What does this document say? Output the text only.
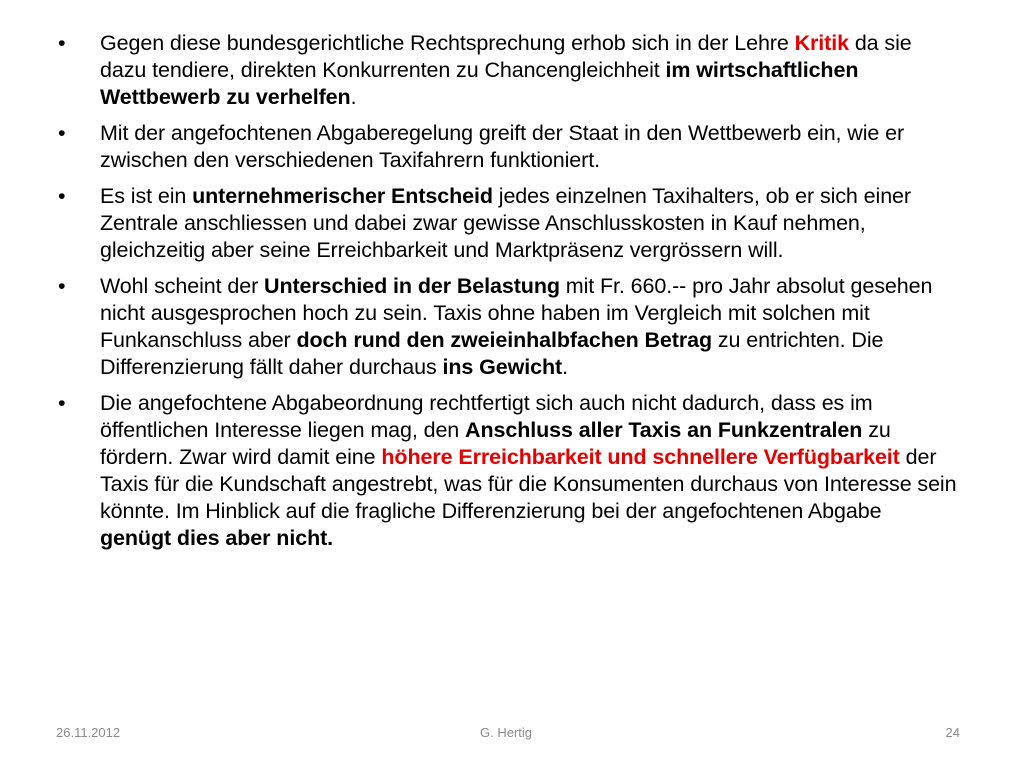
• Gegen diese bundesgerichtliche Rechtsprechung erhob sich in der Lehre Kritik da sie dazu tendiere, direkten Konkurrenten zu Chancengleichheit im wirtschaftlichen Wettbewerb zu verhelfen.
• Mit der angefochtenen Abgaberegelung greift der Staat in den Wettbewerb ein, wie er zwischen den verschiedenen Taxifahrern funktioniert.
• Es ist ein unternehmerischer Entscheid jedes einzelnen Taxihalters, ob er sich einer Zentrale anschliessen und dabei zwar gewisse Anschlusskosten in Kauf nehmen, gleichzeitig aber seine Erreichbarkeit und Marktpräsenz vergrössern will.
• Wohl scheint der Unterschied in der Belastung mit Fr. 660.-- pro Jahr absolut gesehen nicht ausgesprochen hoch zu sein. Taxis ohne haben im Vergleich mit solchen mit Funkanschluss aber doch rund den zweieinhalbfachen Betrag zu entrichten. Die Differenzierung fällt daher durchaus ins Gewicht.
• Die angefochtene Abgabeordnung rechtfertigt sich auch nicht dadurch, dass es im öffentlichen Interesse liegen mag, den Anschluss aller Taxis an Funkzentralen zu fördern. Zwar wird damit eine höhere Erreichbarkeit und schnellere Verfügbarkeit der Taxis für die Kundschaft angestrebt, was für die Konsumenten durchaus von Interesse sein könnte. Im Hinblick auf die fragliche Differenzierung bei der angefochtenen Abgabe genügt dies aber nicht.
26.11.2012	G. Hertig	24
